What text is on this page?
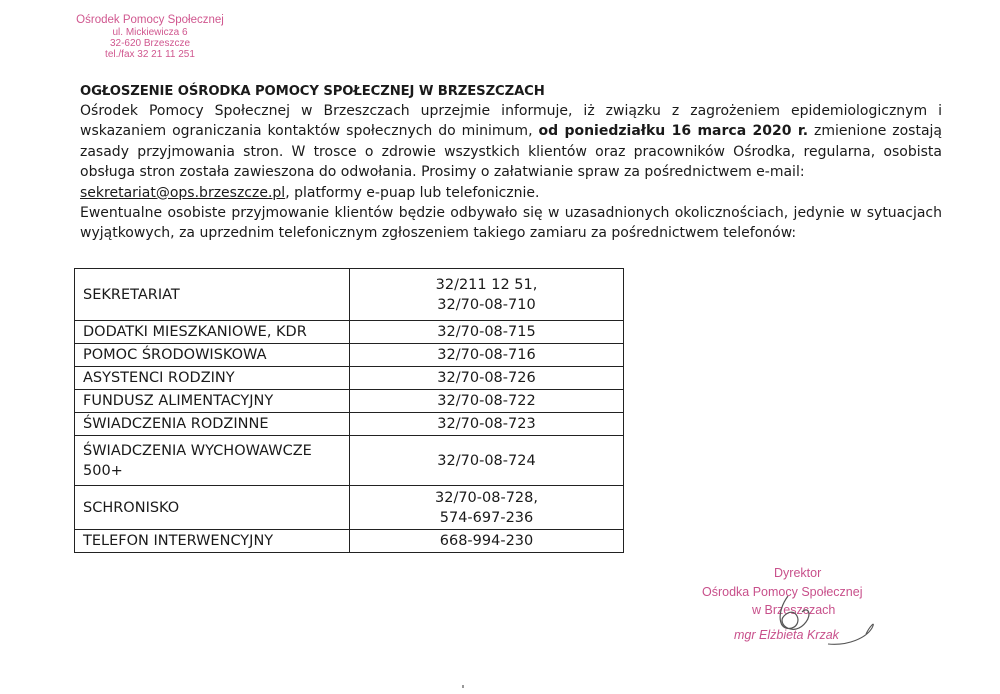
Ośrodek Pomocy Społecznej
ul. Mickiewicza 6
32-620 Brzeszcze
tel./fax 32 21 11 251

OGŁOSZENIE OŚRODKA POMOCY SPOŁECZNEJ W BRZESZCZACH

Ośrodek Pomocy Społecznej w Brzeszczach uprzejmie informuje, iż związku z zagrożeniem epidemiologicznym i wskazaniem ograniczania kontaktów społecznych do minimum, od poniedziałku 16 marca 2020 r. zmienione zostają zasady przyjmowania stron. W trosce o zdrowie wszystkich klientów oraz pracowników Ośrodka, regularna, osobista obsługa stron została zawieszona do odwołania. Prosimy o załatwianie spraw za pośrednictwem e-mail:

sekretariat@ops.brzeszcze.pl, platformy e-puap lub telefonicznie.

Ewentualne osobiste przyjmowanie klientów będzie odbywało się w uzasadnionych okolicznościach, jedynie w sytuacjach wyjątkowych, za uprzednim telefonicznym zgłoszeniem takiego zamiaru za pośrednictwem telefonów:

SEKRETARIAT	32/211 12 51,
32/70-08-710

DODATKI MIESZKANIOWE, KDR	32/70-08-715
POMOC ŚRODOWISKOWA	32/70-08-716
ASYSTENCI RODZINY	32/70-08-726
FUNDUSZ ALIMENTACYJNY	32/70-08-722
ŚWIADCZENIA RODZINNE	32/70-08-723
ŚWIADCZENIA WYCHOWAWCZE 500+	32/70-08-724
SCHRONISKO	32/70-08-728,
574-697-236

TELEFON INTERWENCYJNY	668-994-230
Dyrektor
Ośrodka Pomocy Społecznej
w Brzeszczach
mgr Elżbieta Krzak
